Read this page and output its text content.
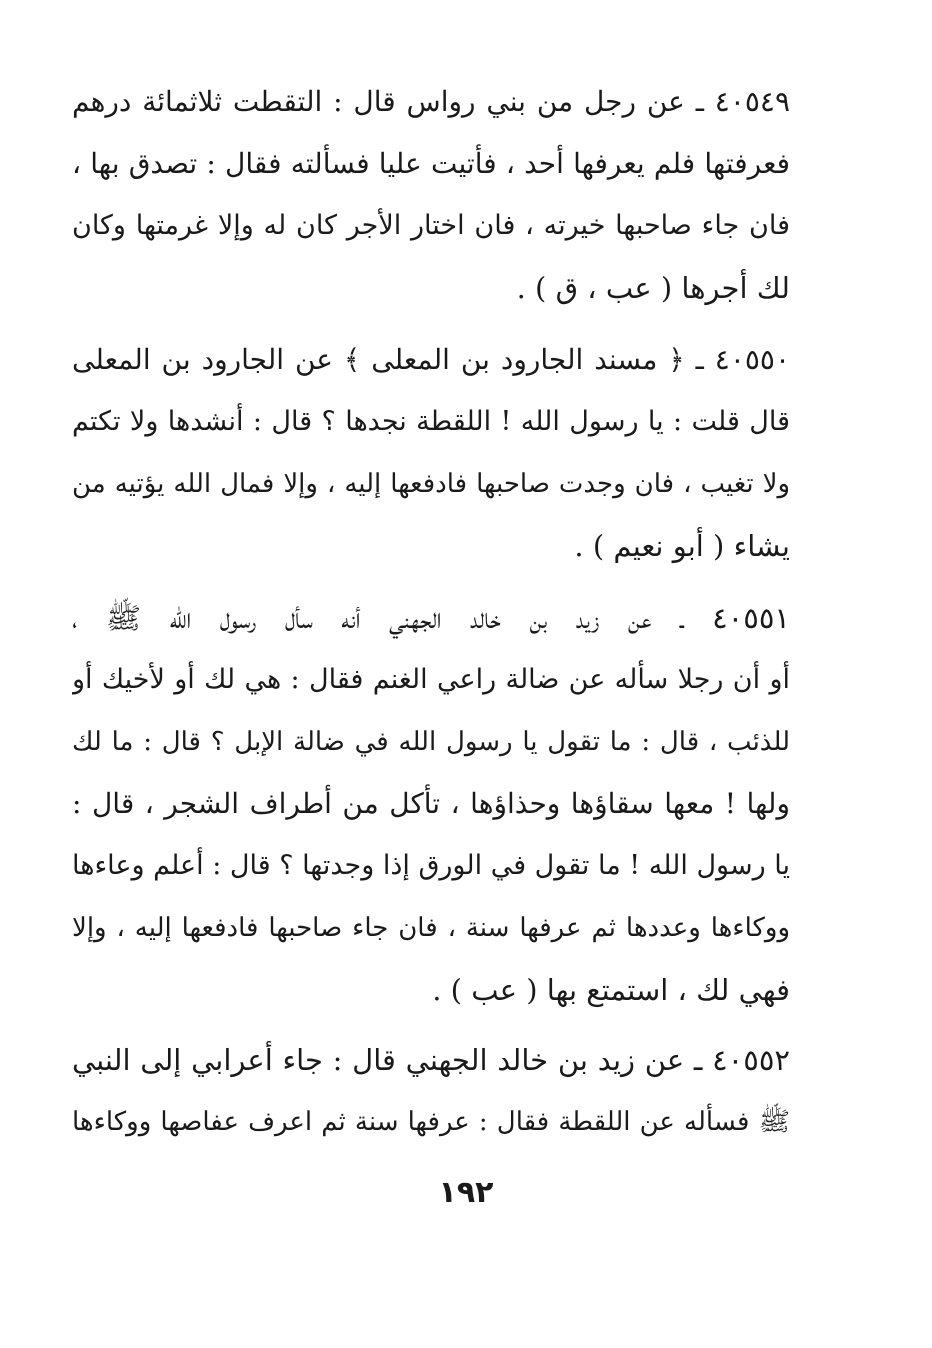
٤٠٥٤٩ ـ عن رجل من بني رواس قال : التقطت ثلاثمائة درهم
فعرفتها فلم يعرفها أحد ، فأتيت عليا فسألته فقال : تصدق بها ،
فان جاء صاحبها خيرته ، فان اختار الأجر كان له وإلا غرمتها وكان
لك أجرها ( عب ، ق ) .
٤٠٥٥٠ ـ ﴿ مسند الجارود بن المعلى ﴾ عن الجارود بن المعلى
قال قلت : يا رسول الله ! اللقطة نجدها ؟ قال : أنشدها ولا تكتم
ولا تغيب ، فان وجدت صاحبها فادفعها إليه ، وإلا فمال الله يؤتيه من
يشاء ( أبو نعيم ) .
٤٠٥٥١ ـ عن زيد بن خالد الجهني أنه سأل رسول الله ﷺ ،
أو أن رجلا سأله عن ضالة راعي الغنم فقال : هي لك أو لأخيك أو
للذئب ، قال : ما تقول يا رسول الله في ضالة الإبل ؟ قال : ما لك
ولها ! معها سقاؤها وحذاؤها ، تأكل من أطراف الشجر ، قال :
يا رسول الله ! ما تقول في الورق إذا وجدتها ؟ قال : أعلم وعاءها
ووكاءها وعددها ثم عرفها سنة ، فان جاء صاحبها فادفعها إليه ، وإلا
فهي لك ، استمتع بها ( عب ) .
٤٠٥٥٢ ـ عن زيد بن خالد الجهني قال : جاء أعرابي إلى النبي
ﷺ فسأله عن اللقطة فقال : عرفها سنة ثم اعرف عفاصها ووكاءها
١٩٢
